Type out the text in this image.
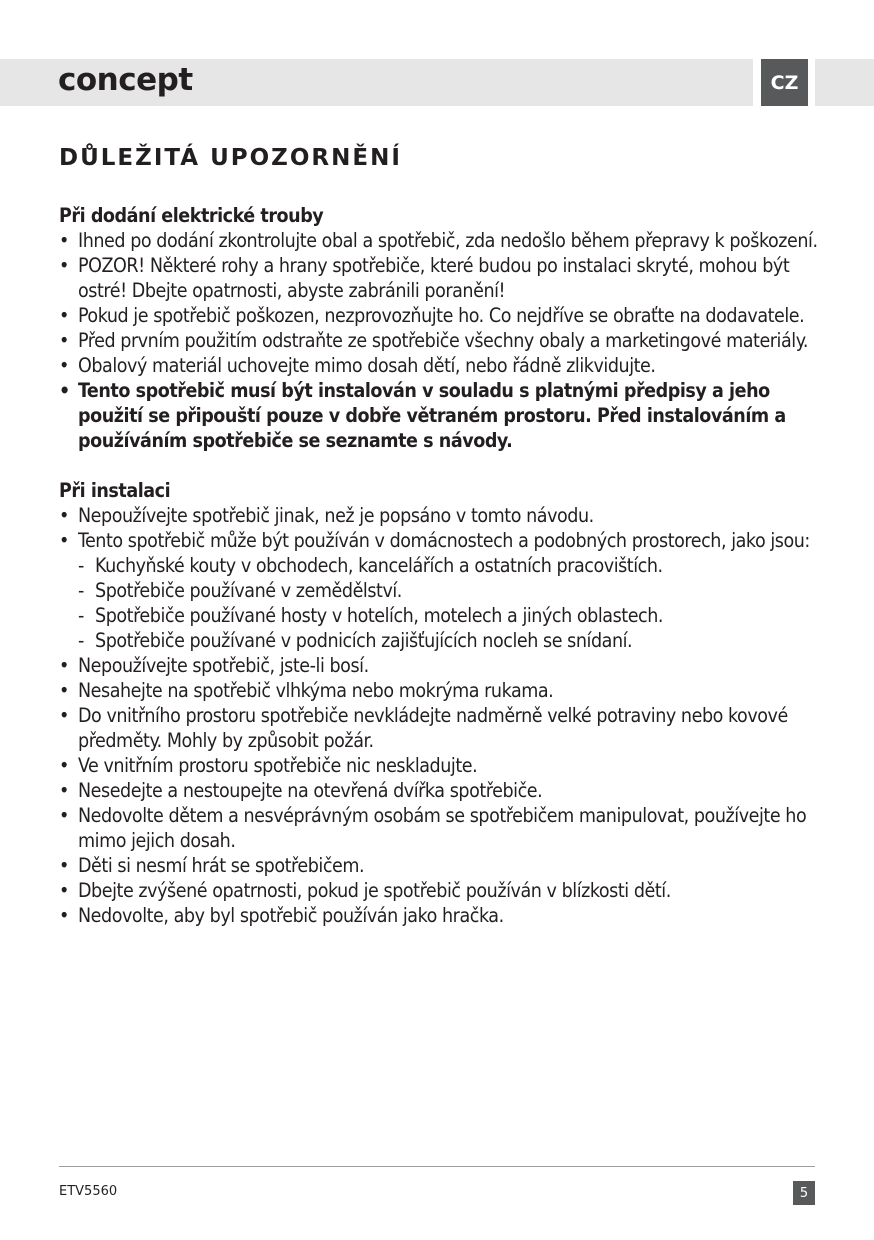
concept	CZ
DŮLEŽITÁ UPOZORNĚNÍ

Při dodání elektrické trouby

• Ihned po dodání zkontrolujte obal a spotřebič, zda nedošlo během přepravy k poškození.
• POZOR! Některé rohy a hrany spotřebiče, které budou po instalaci skryté, mohou být ostré! Dbejte opatrnosti, abyste zabránili poranění!
• Pokud je spotřebič poškozen, nezprovozňujte ho. Co nejdříve se obraťte na dodavatele.
• Před prvním použitím odstraňte ze spotřebiče všechny obaly a marketingové materiály.
• Obalový materiál uchovejte mimo dosah dětí, nebo řádně zlikvidujte.
• Tento spotřebič musí být instalován v souladu s platnými předpisy a jeho použití se připouští pouze v dobře větraném prostoru. Před instalováním a používáním spotřebiče se seznamte s návody.

Při instalaci

• Nepoužívejte spotřebič jinak, než je popsáno v tomto návodu.
• Tento spotřebič může být používán v domácnostech a podobných prostorech, jako jsou:
- Kuchyňské kouty v obchodech, kancelářích a ostatních pracovištích.
- Spotřebiče používané v zemědělství.
- Spotřebiče používané hosty v hotelích, motelech a jiných oblastech.
- Spotřebiče používané v podnicích zajišťujících nocleh se snídaní.
• Nepoužívejte spotřebič, jste-li bosí.
• Nesahejte na spotřebič vlhkýma nebo mokrýma rukama.
• Do vnitřního prostoru spotřebiče nevkládejte nadměrně velké potraviny nebo kovové předměty. Mohly by způsobit požár.
• Ve vnitřním prostoru spotřebiče nic neskladujte.
• Nesedejte a nestoupejte na otevřená dvířka spotřebiče.
• Nedovolte dětem a nesvéprávným osobám se spotřebičem manipulovat, používejte ho mimo jejich dosah.
• Děti si nesmí hrát se spotřebičem.
• Dbejte zvýšené opatrnosti, pokud je spotřebič používán v blízkosti dětí.
• Nedovolte, aby byl spotřebič používán jako hračka.
ETV5560	5
